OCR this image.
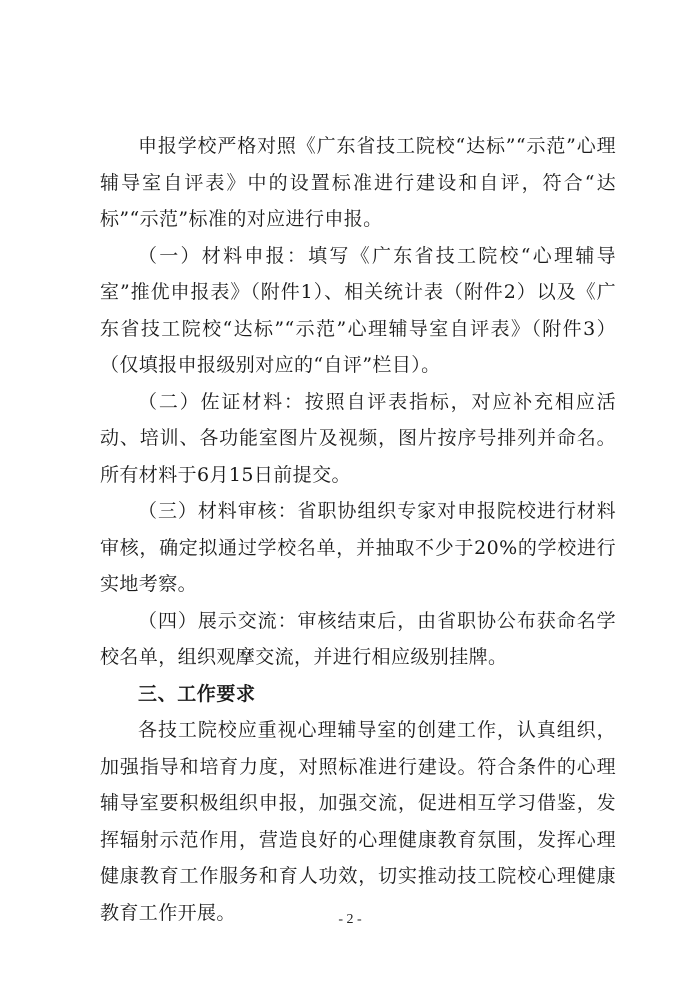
申报学校严格对照《广东省技工院校“达标”“示范”心理辅导室自评表》中的设置标准进行建设和自评，符合“达标”“示范”标准的对应进行申报。

（一）材料申报：填写《广东省技工院校“心理辅导室”推优申报表》（附件1）、相关统计表（附件2）以及《广东省技工院校“达标”“示范”心理辅导室自评表》（附件3）（仅填报申报级别对应的“自评”栏目）。

（二）佐证材料：按照自评表指标，对应补充相应活动、培训、各功能室图片及视频，图片按序号排列并命名。所有材料于6月15日前提交。

（三）材料审核：省职协组织专家对申报院校进行材料审核，确定拟通过学校名单，并抽取不少于20%的学校进行实地考察。

（四）展示交流：审核结束后，由省职协公布获命名学校名单，组织观摩交流，并进行相应级别挂牌。

三、工作要求

各技工院校应重视心理辅导室的创建工作，认真组织，加强指导和培育力度，对照标准进行建设。符合条件的心理辅导室要积极组织申报，加强交流，促进相互学习借鉴，发挥辐射示范作用，营造良好的心理健康教育氛围，发挥心理健康教育工作服务和育人功效，切实推动技工院校心理健康教育工作开展。	- 2 -
